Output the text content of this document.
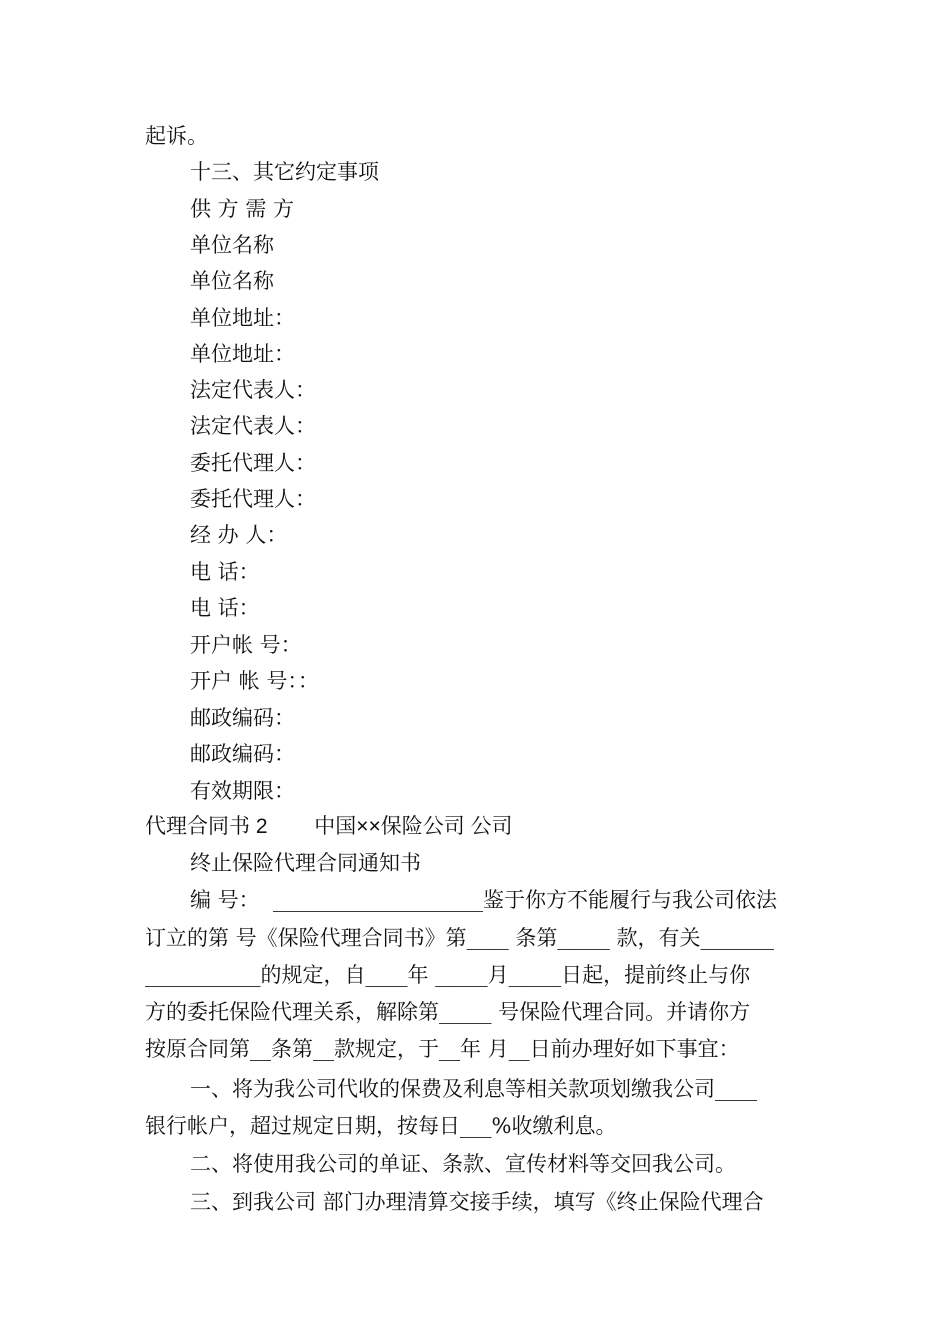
起诉。
十三、其它约定事项
供 方 需 方
单位名称
单位名称
单位地址：
单位地址：
法定代表人：
法定代表人：
委托代理人：
委托代理人：
经 办 人：
电 话：
电 话：
开户帐 号：
开户 帐 号：：
邮政编码：
邮政编码：
有效期限：
代理合同书 2        中国××保险公司 公司
终止保险代理合同通知书
编 号：  ____________________鉴于你方不能履行与我公司依法
订立的第 号《保险代理合同书》第____ 条第_____ 款，有关_______
___________的规定，自____年 _____月_____日起，提前终止与你
方的委托保险代理关系，解除第_____ 号保险代理合同。并请你方
按原合同第__条第__款规定，于__年 月__日前办理好如下事宜：
一、将为我公司代收的保费及利息等相关款项划缴我公司____
银行帐户，超过规定日期，按每日___%收缴利息。
二、将使用我公司的单证、条款、宣传材料等交回我公司。
三、到我公司 部门办理清算交接手续，填写《终止保险代理合
